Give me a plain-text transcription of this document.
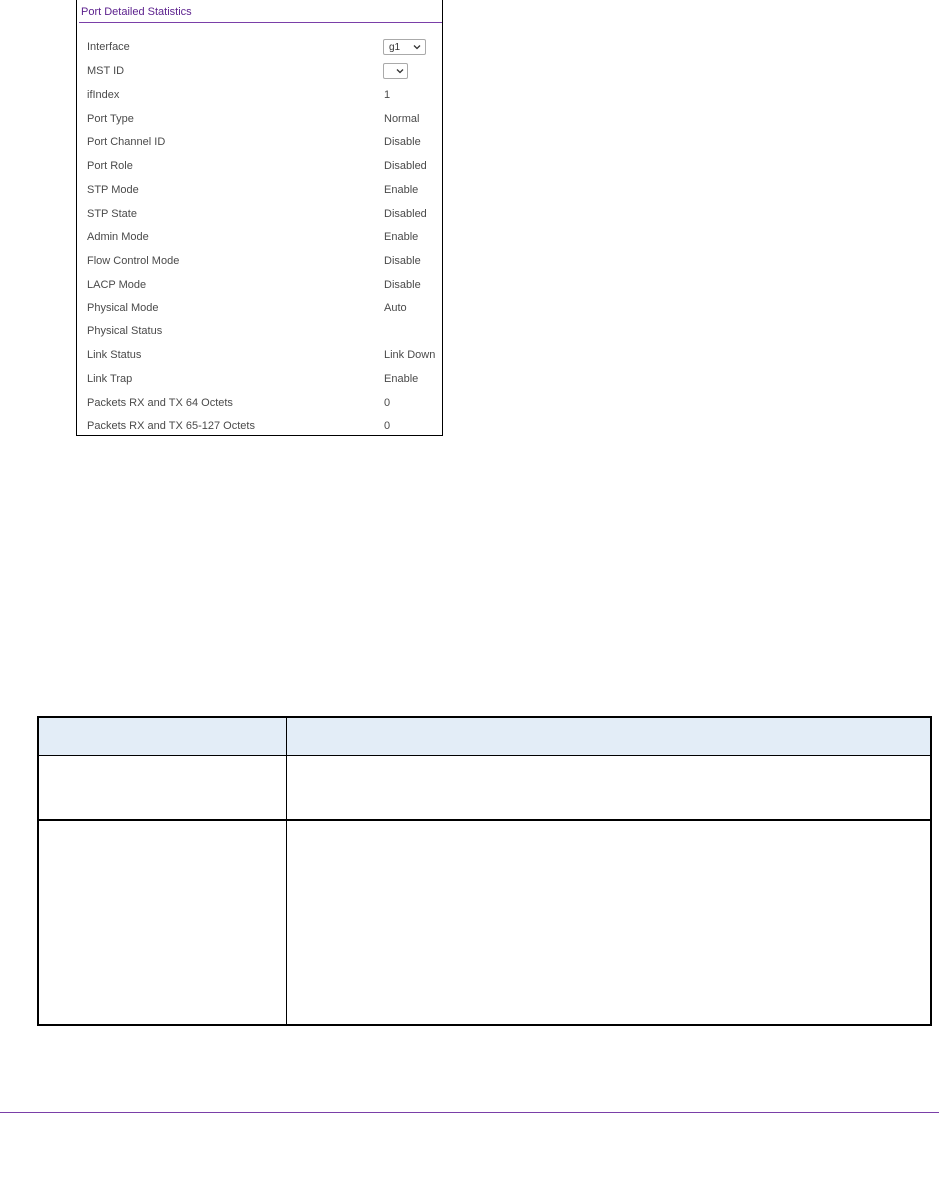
Port Detailed Statistics
Interface	g1
MST ID
ifIndex	1
Port Type	Normal
Port Channel ID	Disable
Port Role	Disabled
STP Mode	Enable
STP State	Disabled
Admin Mode	Enable
Flow Control Mode	Disable
LACP Mode	Disable
Physical Mode	Auto
Physical Status
Link Status	Link Down
Link Trap	Enable
Packets RX and TX 64 Octets	0
Packets RX and TX 65-127 Octets	0
